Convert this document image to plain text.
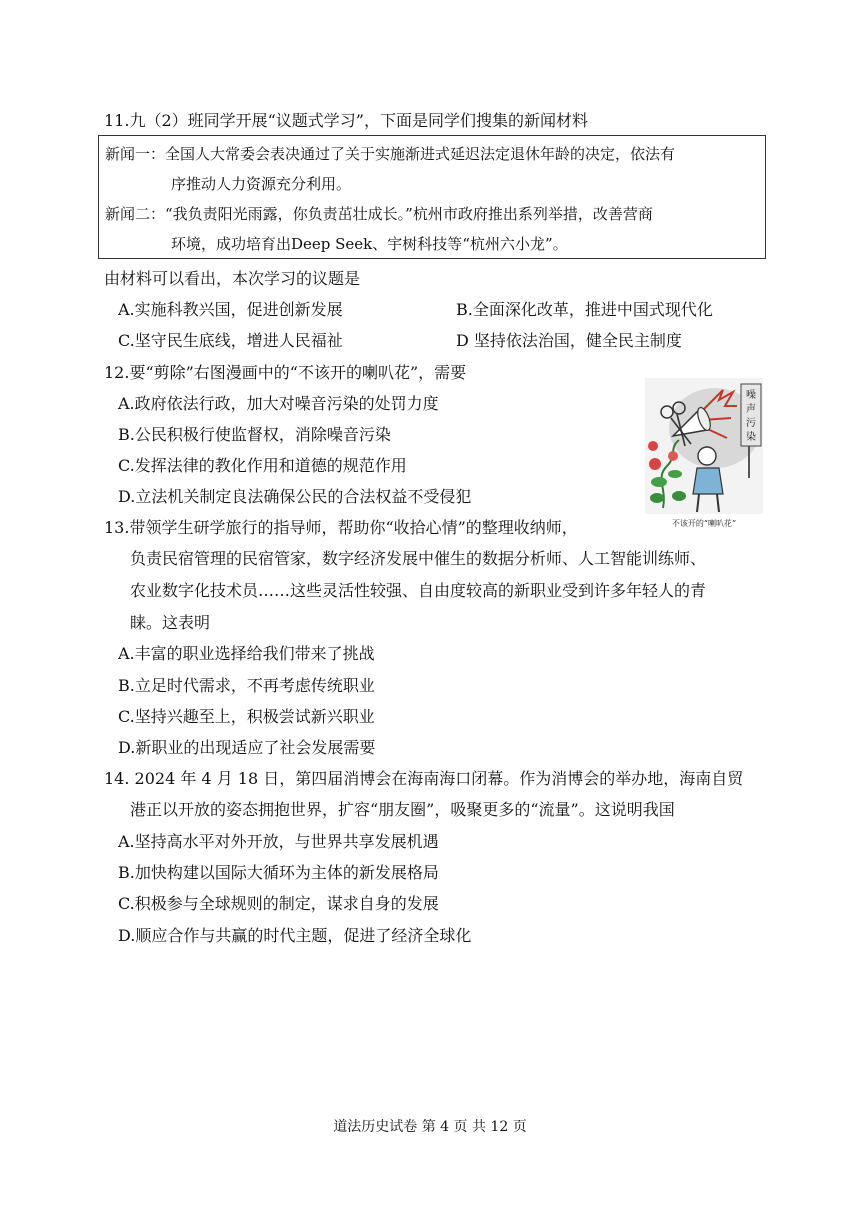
11.九（2）班同学开展“议题式学习”，下面是同学们搜集的新闻材料
新闻一：全国人大常委会表决通过了关于实施渐进式延迟法定退休年龄的决定，依法有
序推动人力资源充分利用。
新闻二：“我负责阳光雨露，你负责茁壮成长。”杭州市政府推出系列举措，改善营商
环境，成功培育出Deep Seek、宇树科技等“杭州六小龙”。
由材料可以看出，本次学习的议题是
A.实施科教兴国，促进创新发展	B.全面深化改革，推进中国式现代化
C.坚守民生底线，增进人民福祉	D 坚持依法治国，健全民主制度
12.要“剪除”右图漫画中的“不该开的喇叭花”，需要
A.政府依法行政，加大对噪音污染的处罚力度
B.公民积极行使监督权，消除噪音污染
C.发挥法律的教化作用和道德的规范作用
D.立法机关制定良法确保公民的合法权益不受侵犯
噪
声
污
染
不该开的“喇叭花”
13.带领学生研学旅行的指导师，帮助你“收拾心情”的整理收纳师，
负责民宿管理的民宿管家，数字经济发展中催生的数据分析师、人工智能训练师、
农业数字化技术员……这些灵活性较强、自由度较高的新职业受到许多年轻人的青
睐。这表明
A.丰富的职业选择给我们带来了挑战
B.立足时代需求，不再考虑传统职业
C.坚持兴趣至上，积极尝试新兴职业
D.新职业的出现适应了社会发展需要
14. 2024 年 4 月 18 日，第四届消博会在海南海口闭幕。作为消博会的举办地，海南自贸
港正以开放的姿态拥抱世界，扩容“朋友圈”，吸聚更多的“流量”。这说明我国
A.坚持高水平对外开放，与世界共享发展机遇
B.加快构建以国际大循环为主体的新发展格局
C.积极参与全球规则的制定，谋求自身的发展
D.顺应合作与共赢的时代主题，促进了经济全球化
道法历史试卷 第 4 页 共 12 页
